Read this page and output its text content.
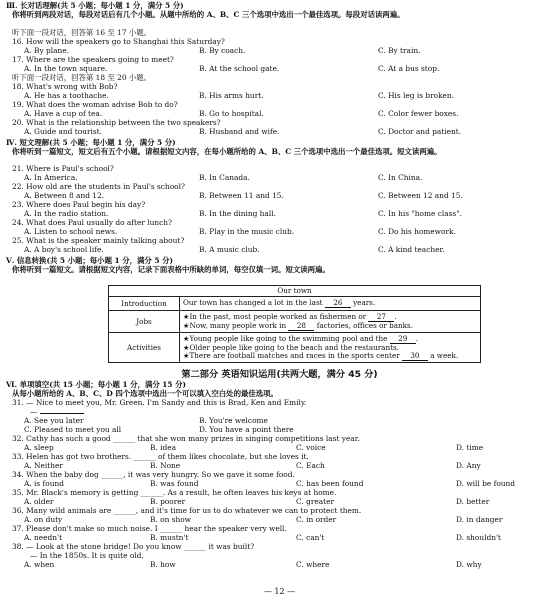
Ⅲ. 长对话理解(共 5 小题；每小题 1 分，满分 5 分)
你将听到两段对话，每段对话后有几个小题。从题中所给的 A、B、C 三个选项中选出一个最佳选项。每段对话读两遍。
听下面一段对话，回答第 16 至 17 小题。
16. How will the speakers go to Shanghai this Saturday?
A. By plane.	B. By coach.	C. By train.
17. Where are the speakers going to meet?
A. In the town square.	B. At the school gate.	C. At a bus stop.
听下面一段对话，回答第 18 至 20 小题。
18. What's wrong with Bob?
A. He has a toothache.	B. His arms hurt.	C. His leg is broken.
19. What does the woman advise Bob to do?
A. Have a cup of tea.	B. Go to hospital.	C. Color fewer boxes.
20. What is the relationship between the two speakers?
A. Guide and tourist.	B. Husband and wife.	C. Doctor and patient.
Ⅳ. 短文理解(共 5 小题；每小题 1 分，满分 5 分)
你将听到一篇短文，短文后有五个小题。请根据短文内容，在每小题所给的 A、B、C 三个选项中选出一个最佳选项。短文读两遍。
21. Where is Paul's school?
A. In America.	B. In Canada.	C. In China.
22. How old are the students in Paul's school?
A. Between 8 and 12.	B. Between 11 and 15.	C. Between 12 and 15.
23. Where does Paul begin his day?
A. In the radio station.	B. In the dining hall.	C. In his "home class".
24. What does Paul usually do after lunch?
A. Listen to school news.	B. Play in the music club.	C. Do his homework.
25. What is the speaker mainly talking about?
A. A boy's school life.	B. A music club.	C. A kind teacher.
Ⅴ. 信息转换(共 5 小题；每小题 1 分，满分 5 分)
你将听到一篇短文。请根据短文内容，记录下面表格中所缺的单词，每空仅填一词。短文读两遍。
Our town	
Introduction	Our town has changed a lot in the last 26 years.
Jobs	★In the past, most people worked as fishermen or 27 .
★Now, many people work in 28 factories, offices or banks.

Activities	★Young people like going to the swimming pool and the 29 .
★Older people like going to the beach and the restaurants.
★There are football matches and races in the sports center 30 a week.
第二部分 英语知识运用(共两大题，满分 45 分)
Ⅵ. 单项填空(共 15 小题；每小题 1 分，满分 15 分)
从每小题所给的 A、B、C、D 四个选项中选出一个可以填入空白处的最佳选项。
31. — Nice to meet you, Mr. Green. I'm Sandy and this is Brad, Ken and Emily.
—
A. See you later	B. You're welcome
C. Pleased to meet you all	D. You have a point there
32. Cathy has such a good ______ that she won many prizes in singing competitions last year.
A. sleep	B. idea	C. voice	D. time
33. Helen has got two brothers. ______ of them likes chocolate, but she loves it.
A. Neither	B. None	C. Each	D. Any
34. When the baby dog ______, it was very hungry. So we gave it some food.
A. is found	B. was found	C. has been found	D. will be found
35. Mr. Black's memory is getting ______. As a result, he often leaves his keys at home.
A. older	B. poorer	C. greater	D. better
36. Many wild animals are ______, and it's time for us to do whatever we can to protect them.
A. on duty	B. on show	C. in order	D. in danger
37. Please don't make so much noise. I ______ hear the speaker very well.
A. needn't	B. mustn't	C. can't	D. shouldn't
38. — Look at the stone bridge! Do you know ______ it was built?
— In the 1850s. It is quite old.
A. when	B. how	C. where	D. why
— 12 —
